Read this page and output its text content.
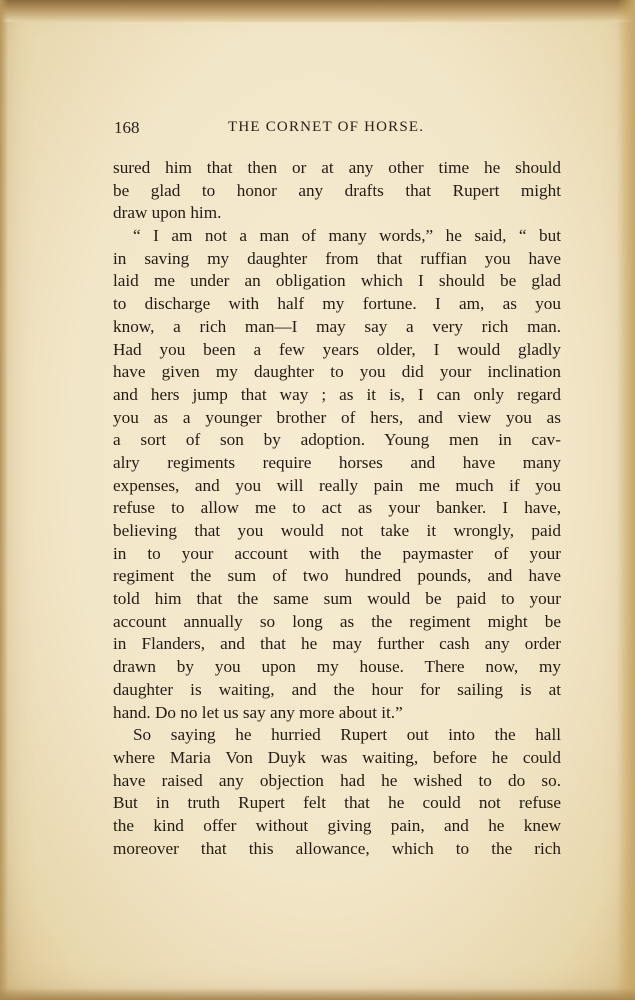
168	THE CORNET OF HORSE.
sured him that then or at any other time he should
be glad to honor any drafts that Rupert might
draw upon him.
“ I am not a man of many words,” he said, “ but
in saving my daughter from that ruffian you have
laid me under an obligation which I should be glad
to discharge with half my fortune. I am, as you
know, a rich man—I may say a very rich man.
Had you been a few years older, I would gladly
have given my daughter to you did your inclination
and hers jump that way ; as it is, I can only regard
you as a younger brother of hers, and view you as
a sort of son by adoption. Young men in cav-
alry regiments require horses and have many
expenses, and you will really pain me much if you
refuse to allow me to act as your banker. I have,
believing that you would not take it wrongly, paid
in to your account with the paymaster of your
regiment the sum of two hundred pounds, and have
told him that the same sum would be paid to your
account annually so long as the regiment might be
in Flanders, and that he may further cash any order
drawn by you upon my house. There now, my
daughter is waiting, and the hour for sailing is at
hand. Do no let us say any more about it.”
So saying he hurried Rupert out into the hall
where Maria Von Duyk was waiting, before he could
have raised any objection had he wished to do so.
But in truth Rupert felt that he could not refuse
the kind offer without giving pain, and he knew
moreover that this allowance, which to the rich
